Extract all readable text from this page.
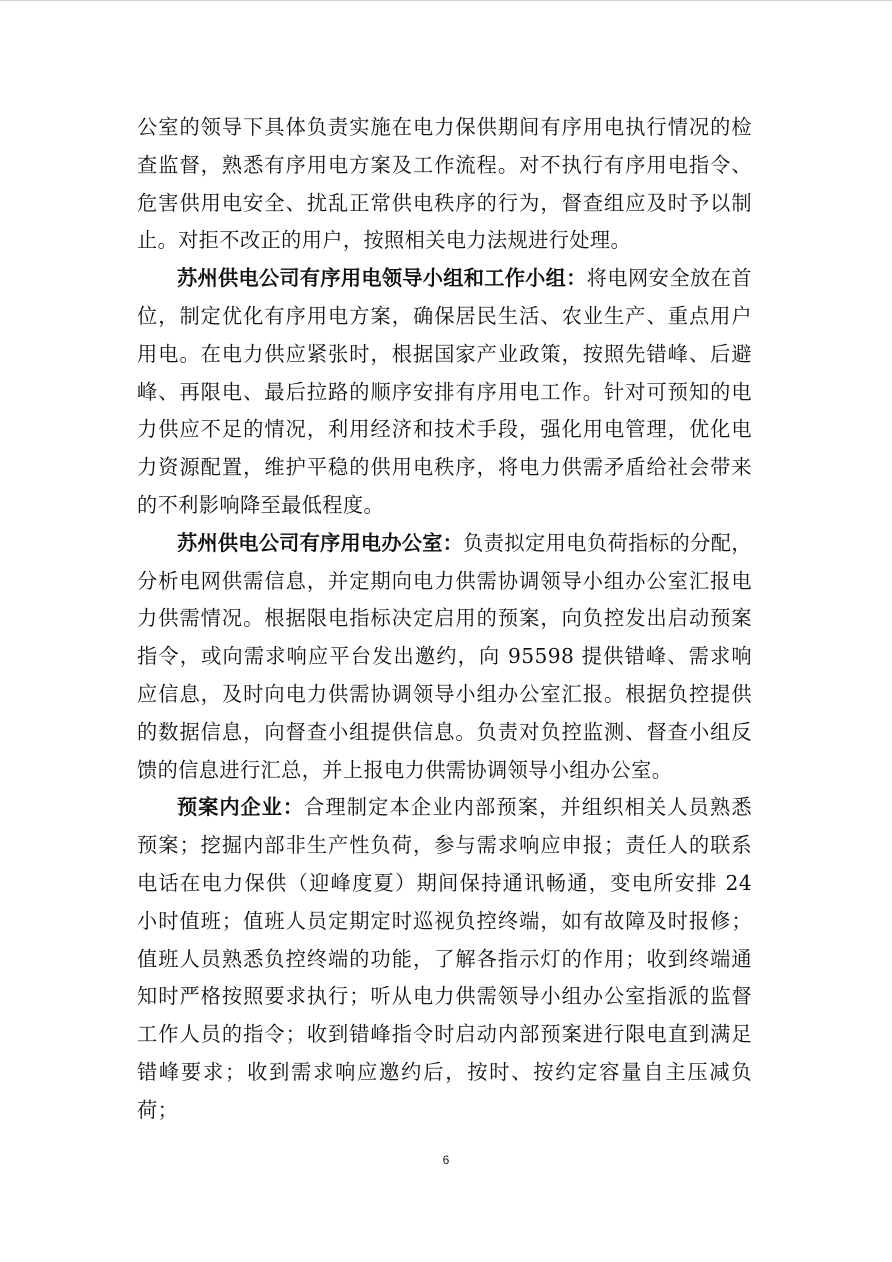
公室的领导下具体负责实施在电力保供期间有序用电执行情况的检查监督，熟悉有序用电方案及工作流程。对不执行有序用电指令、危害供用电安全、扰乱正常供电秩序的行为，督查组应及时予以制止。对拒不改正的用户，按照相关电力法规进行处理。

苏州供电公司有序用电领导小组和工作小组：将电网安全放在首位，制定优化有序用电方案，确保居民生活、农业生产、重点用户用电。在电力供应紧张时，根据国家产业政策，按照先错峰、后避峰、再限电、最后拉路的顺序安排有序用电工作。针对可预知的电力供应不足的情况，利用经济和技术手段，强化用电管理，优化电力资源配置，维护平稳的供用电秩序，将电力供需矛盾给社会带来的不利影响降至最低程度。

苏州供电公司有序用电办公室：负责拟定用电负荷指标的分配，分析电网供需信息，并定期向电力供需协调领导小组办公室汇报电力供需情况。根据限电指标决定启用的预案，向负控发出启动预案指令，或向需求响应平台发出邀约，向 95598 提供错峰、需求响应信息，及时向电力供需协调领导小组办公室汇报。根据负控提供的数据信息，向督查小组提供信息。负责对负控监测、督查小组反馈的信息进行汇总，并上报电力供需协调领导小组办公室。

预案内企业：合理制定本企业内部预案，并组织相关人员熟悉预案；挖掘内部非生产性负荷，参与需求响应申报；责任人的联系电话在电力保供（迎峰度夏）期间保持通讯畅通，变电所安排 24 小时值班；值班人员定期定时巡视负控终端，如有故障及时报修；值班人员熟悉负控终端的功能，了解各指示灯的作用；收到终端通知时严格按照要求执行；听从电力供需领导小组办公室指派的监督工作人员的指令；收到错峰指令时启动内部预案进行限电直到满足错峰要求；收到需求响应邀约后，按时、按约定容量自主压减负荷；

6
